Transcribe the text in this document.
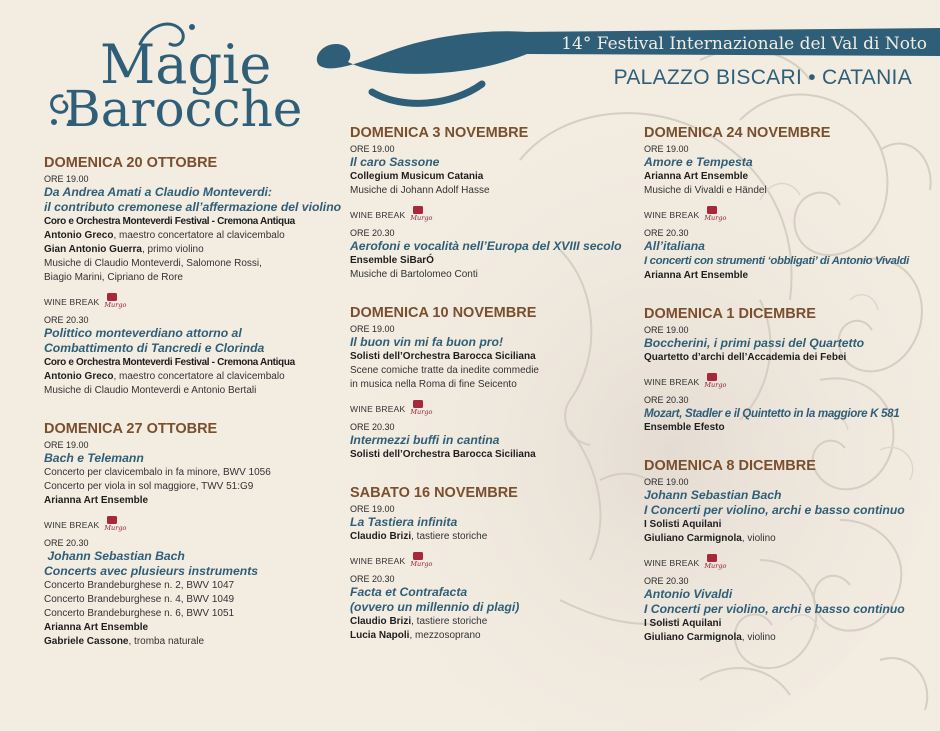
Magie
Barocche
14° Festival Internazionale del Val di Noto
PALAZZO BISCARI • CATANIA
DOMENICA 20 OTTOBRE
ORE 19.00
Da Andrea Amati a Claudio Monteverdi:
il contributo cremonese all’affermazione del violino
Coro e Orchestra Monteverdi Festival - Cremona Antiqua
Antonio Greco, maestro concertatore al clavicembalo
Gian Antonio Guerra, primo violino
Musiche di Claudio Monteverdi, Salomone Rossi,
Biagio Marini, Cipriano de Rore
WINE BREAK Murgo
ORE 20.30
Polittico monteverdiano attorno al
Combattimento di Tancredi e Clorinda
Coro e Orchestra Monteverdi Festival - Cremona Antiqua
Antonio Greco, maestro concertatore al clavicembalo
Musiche di Claudio Monteverdi e Antonio Bertali
DOMENICA 27 OTTOBRE
ORE 19.00
Bach e Telemann
Concerto per clavicembalo in fa minore, BWV 1056
Concerto per viola in sol maggiore, TWV 51:G9
Arianna Art Ensemble
WINE BREAK Murgo
ORE 20.30
Johann Sebastian Bach
Concerts avec plusieurs instruments
Concerto Brandeburghese n. 2, BWV 1047
Concerto Brandeburghese n. 4, BWV 1049
Concerto Brandeburghese n. 6, BWV 1051
Arianna Art Ensemble
Gabriele Cassone, tromba naturale
DOMENICA 3 NOVEMBRE
ORE 19.00
Il caro Sassone
Collegium Musicum Catania
Musiche di Johann Adolf Hasse
WINE BREAK Murgo
ORE 20.30
Aerofoni e vocalità nell’Europa del XVIII secolo
Ensemble SiBarÓ
Musiche di Bartolomeo Conti
DOMENICA 10 NOVEMBRE
ORE 19.00
Il buon vin mi fa buon pro!
Solisti dell’Orchestra Barocca Siciliana
Scene comiche tratte da inedite commedie
in musica nella Roma di fine Seicento
WINE BREAK Murgo
ORE 20.30
Intermezzi buffi in cantina
Solisti dell’Orchestra Barocca Siciliana
SABATO 16 NOVEMBRE
ORE 19.00
La Tastiera infinita
Claudio Brizi, tastiere storiche
WINE BREAK Murgo
ORE 20.30
Facta et Contrafacta
(ovvero un millennio di plagi)
Claudio Brizi, tastiere storiche
Lucia Napoli, mezzosoprano
DOMENICA 24 NOVEMBRE
ORE 19.00
Amore e Tempesta
Arianna Art Ensemble
Musiche di Vivaldi e Händel
WINE BREAK Murgo
ORE 20.30
All’italiana
I concerti con strumenti ‘obbligati’ di Antonio Vivaldi
Arianna Art Ensemble
DOMENICA 1 DICEMBRE
ORE 19.00
Boccherini, i primi passi del Quartetto
Quartetto d’archi dell’Accademia dei Febei
WINE BREAK Murgo
ORE 20.30
Mozart, Stadler e il Quintetto in la maggiore K 581
Ensemble Efesto
DOMENICA 8 DICEMBRE
ORE 19.00
Johann Sebastian Bach
I Concerti per violino, archi e basso continuo
I Solisti Aquilani
Giuliano Carmignola, violino
WINE BREAK Murgo
ORE 20.30
Antonio Vivaldi
I Concerti per violino, archi e basso continuo
I Solisti Aquilani
Giuliano Carmignola, violino
